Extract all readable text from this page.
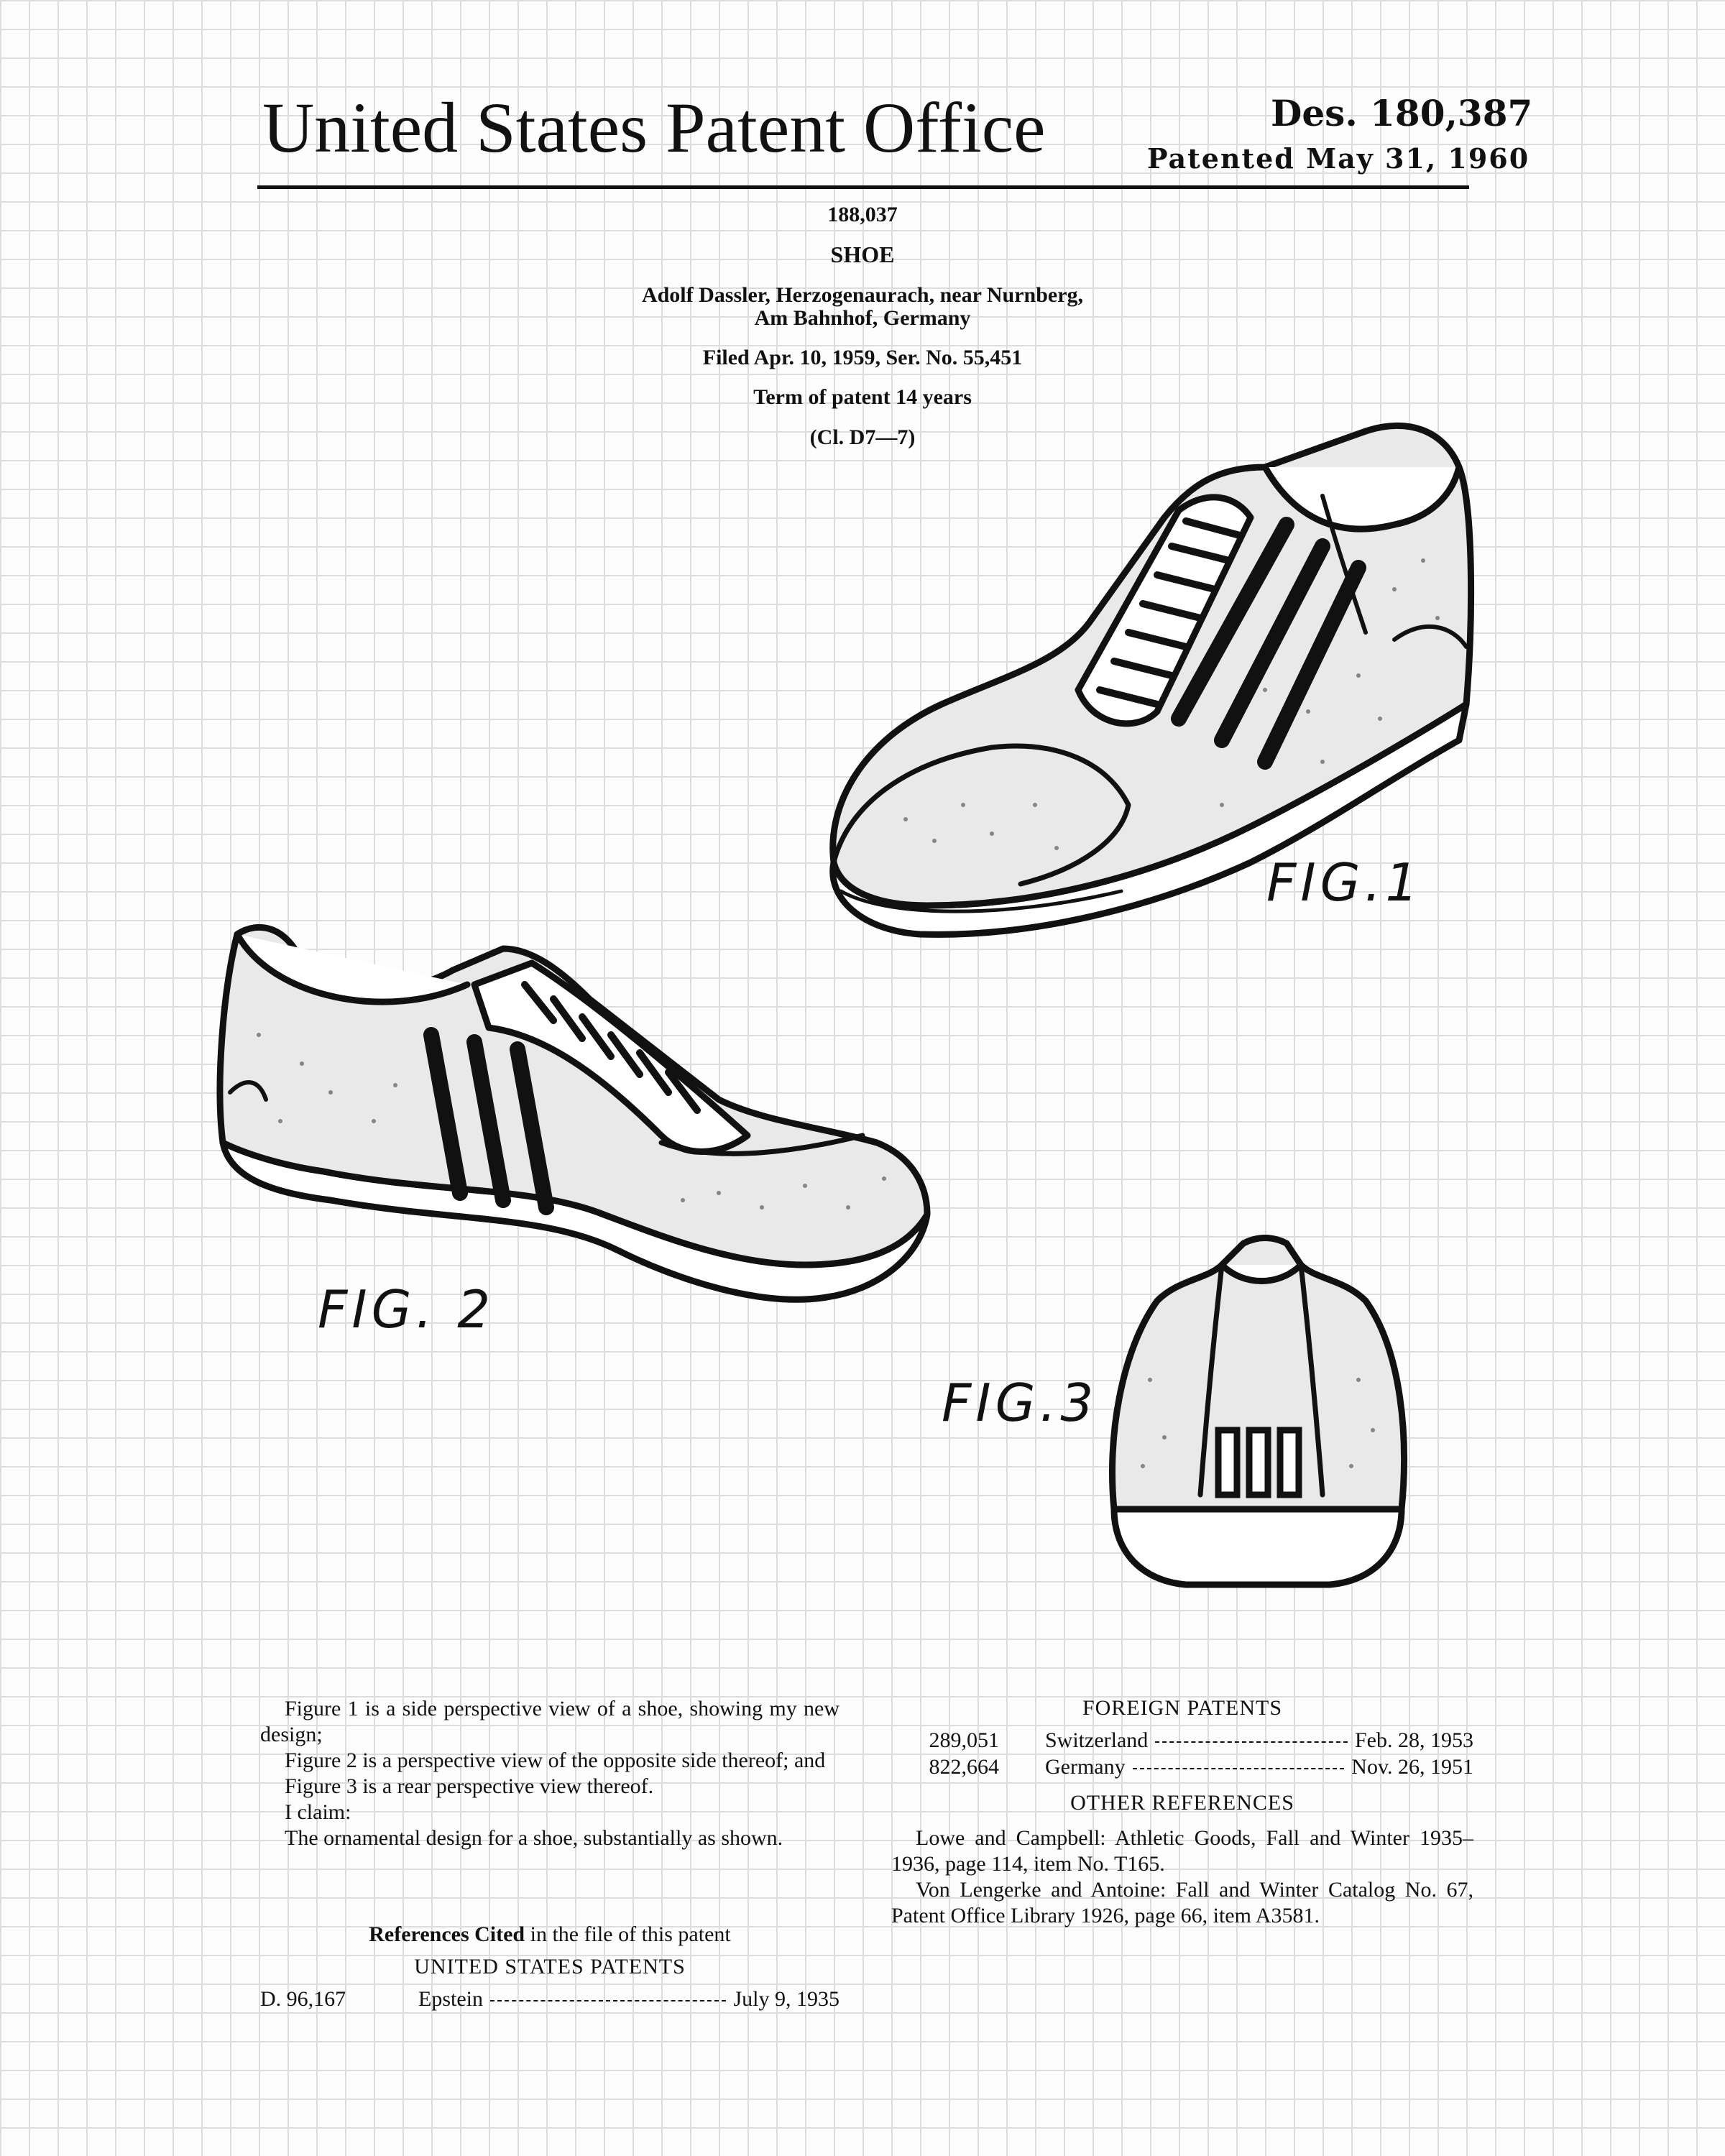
United States Patent Office	Des. 180,387
Patented May 31, 1960
188,037
SHOE
Adolf Dassler, Herzogenaurach, near Nurnberg,
Am Bahnhof, Germany
Filed Apr. 10, 1959, Ser. No. 55,451
Term of patent 14 years
(Cl. D7—7)
FIG.1
FIG. 2
FIG.3

Figure 1 is a side perspective view of a shoe, showing my new design;

Figure 2 is a perspective view of the opposite side thereof; and

Figure 3 is a rear perspective view thereof.

I claim:

The ornamental design for a shoe, substantially as shown.

References Cited in the file of this patent
UNITED STATES PATENTS
D. 96,167	Epstein	July 9, 1935
FOREIGN PATENTS
289,051 Switzerland	Feb. 28, 1953
822,664 Germany	Nov. 26, 1951
OTHER REFERENCES

Lowe and Campbell: Athletic Goods, Fall and Winter 1935–1936, page 114, item No. T165.

Von Lengerke and Antoine: Fall and Winter Catalog No. 67, Patent Office Library 1926, page 66, item A3581.
